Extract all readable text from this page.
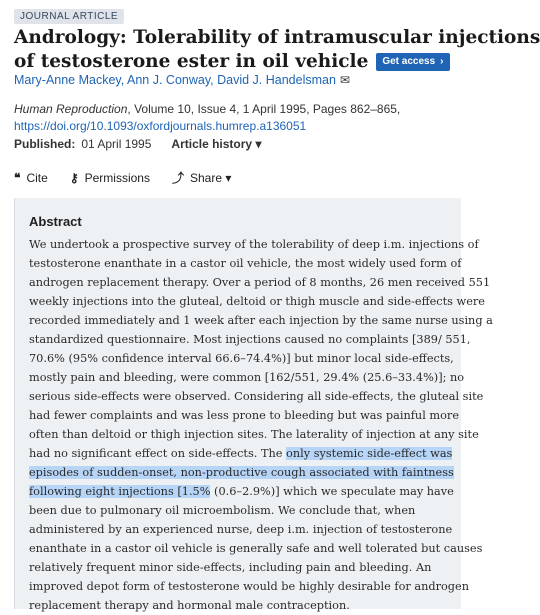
JOURNAL ARTICLE
Andrology: Tolerability of intramuscular injections
of testosterone ester in oil vehicle Get access ›
Mary-Anne Mackey, Ann J. Conway, David J. Handelsman ✉
Human Reproduction, Volume 10, Issue 4, 1 April 1995, Pages 862–865,
https://doi.org/10.1093/oxfordjournals.humrep.a136051
Published: 01 April 1995 Article history ▾
❝ Cite ⚷ Permissions ⤴ Share
▾
Abstract

We undertook a prospective survey of the tolerability of deep i.m. injections of
testosterone enanthate in a castor oil vehicle, the most widely used form of
androgen replacement therapy. Over a period of 8 months, 26 men received 551
weekly injections into the gluteal, deltoid or thigh muscle and side-effects were
recorded immediately and 1 week after each injection by the same nurse using a
standardized questionnaire. Most injections caused no complaints [389/ 551,
70.6% (95% confidence interval 66.6–74.4%)] but minor local side-effects,
mostly pain and bleeding, were common [162/551, 29.4% (25.6–33.4%)]; no
serious side-effects were observed. Considering all side-effects, the gluteal site
had fewer complaints and was less prone to bleeding but was painful more
often than deltoid or thigh injection sites. The laterality of injection at any site
had no significant effect on side-effects. The only systemic side-effect was
episodes of sudden-onset, non-productive cough associated with faintness
following eight injections [1.5% (0.6–2.9%)] which we speculate may have
been due to pulmonary oil microembolism. We conclude that, when
administered by an experienced nurse, deep i.m. injection of testosterone
enanthate in a castor oil vehicle is generally safe and well tolerated but causes
relatively frequent minor side-effects, including pain and bleeding. An
improved depot form of testosterone would be highly desirable for androgen
replacement therapy and hormonal male contraception.
